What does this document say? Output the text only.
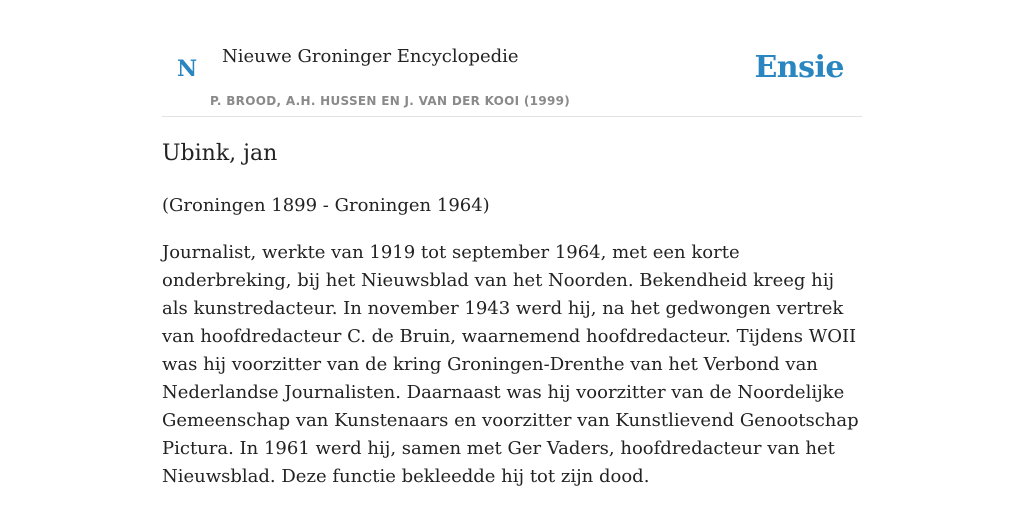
N Nieuwe Groninger Encyclopedie
P. BROOD, A.H. HUSSEN EN J. VAN DER KOOI (1999)
Ensie
Ubink, jan

(Groningen 1899 - Groningen 1964)

Journalist, werkte van 1919 tot september 1964, met een korte onderbreking, bij het Nieuwsblad van het Noorden. Bekendheid kreeg hij als kunstredacteur. In november 1943 werd hij, na het gedwongen vertrek van hoofdredacteur C. de Bruin, waarnemend hoofdredacteur. Tijdens WOII was hij voorzitter van de kring Groningen-Drenthe van het Verbond van Nederlandse Journalisten. Daarnaast was hij voorzitter van de Noordelijke Gemeenschap van Kunstenaars en voorzitter van Kunstlievend Genootschap Pictura. In 1961 werd hij, samen met Ger Vaders, hoofdredacteur van het Nieuwsblad. Deze functie bekleedde hij tot zijn dood.
